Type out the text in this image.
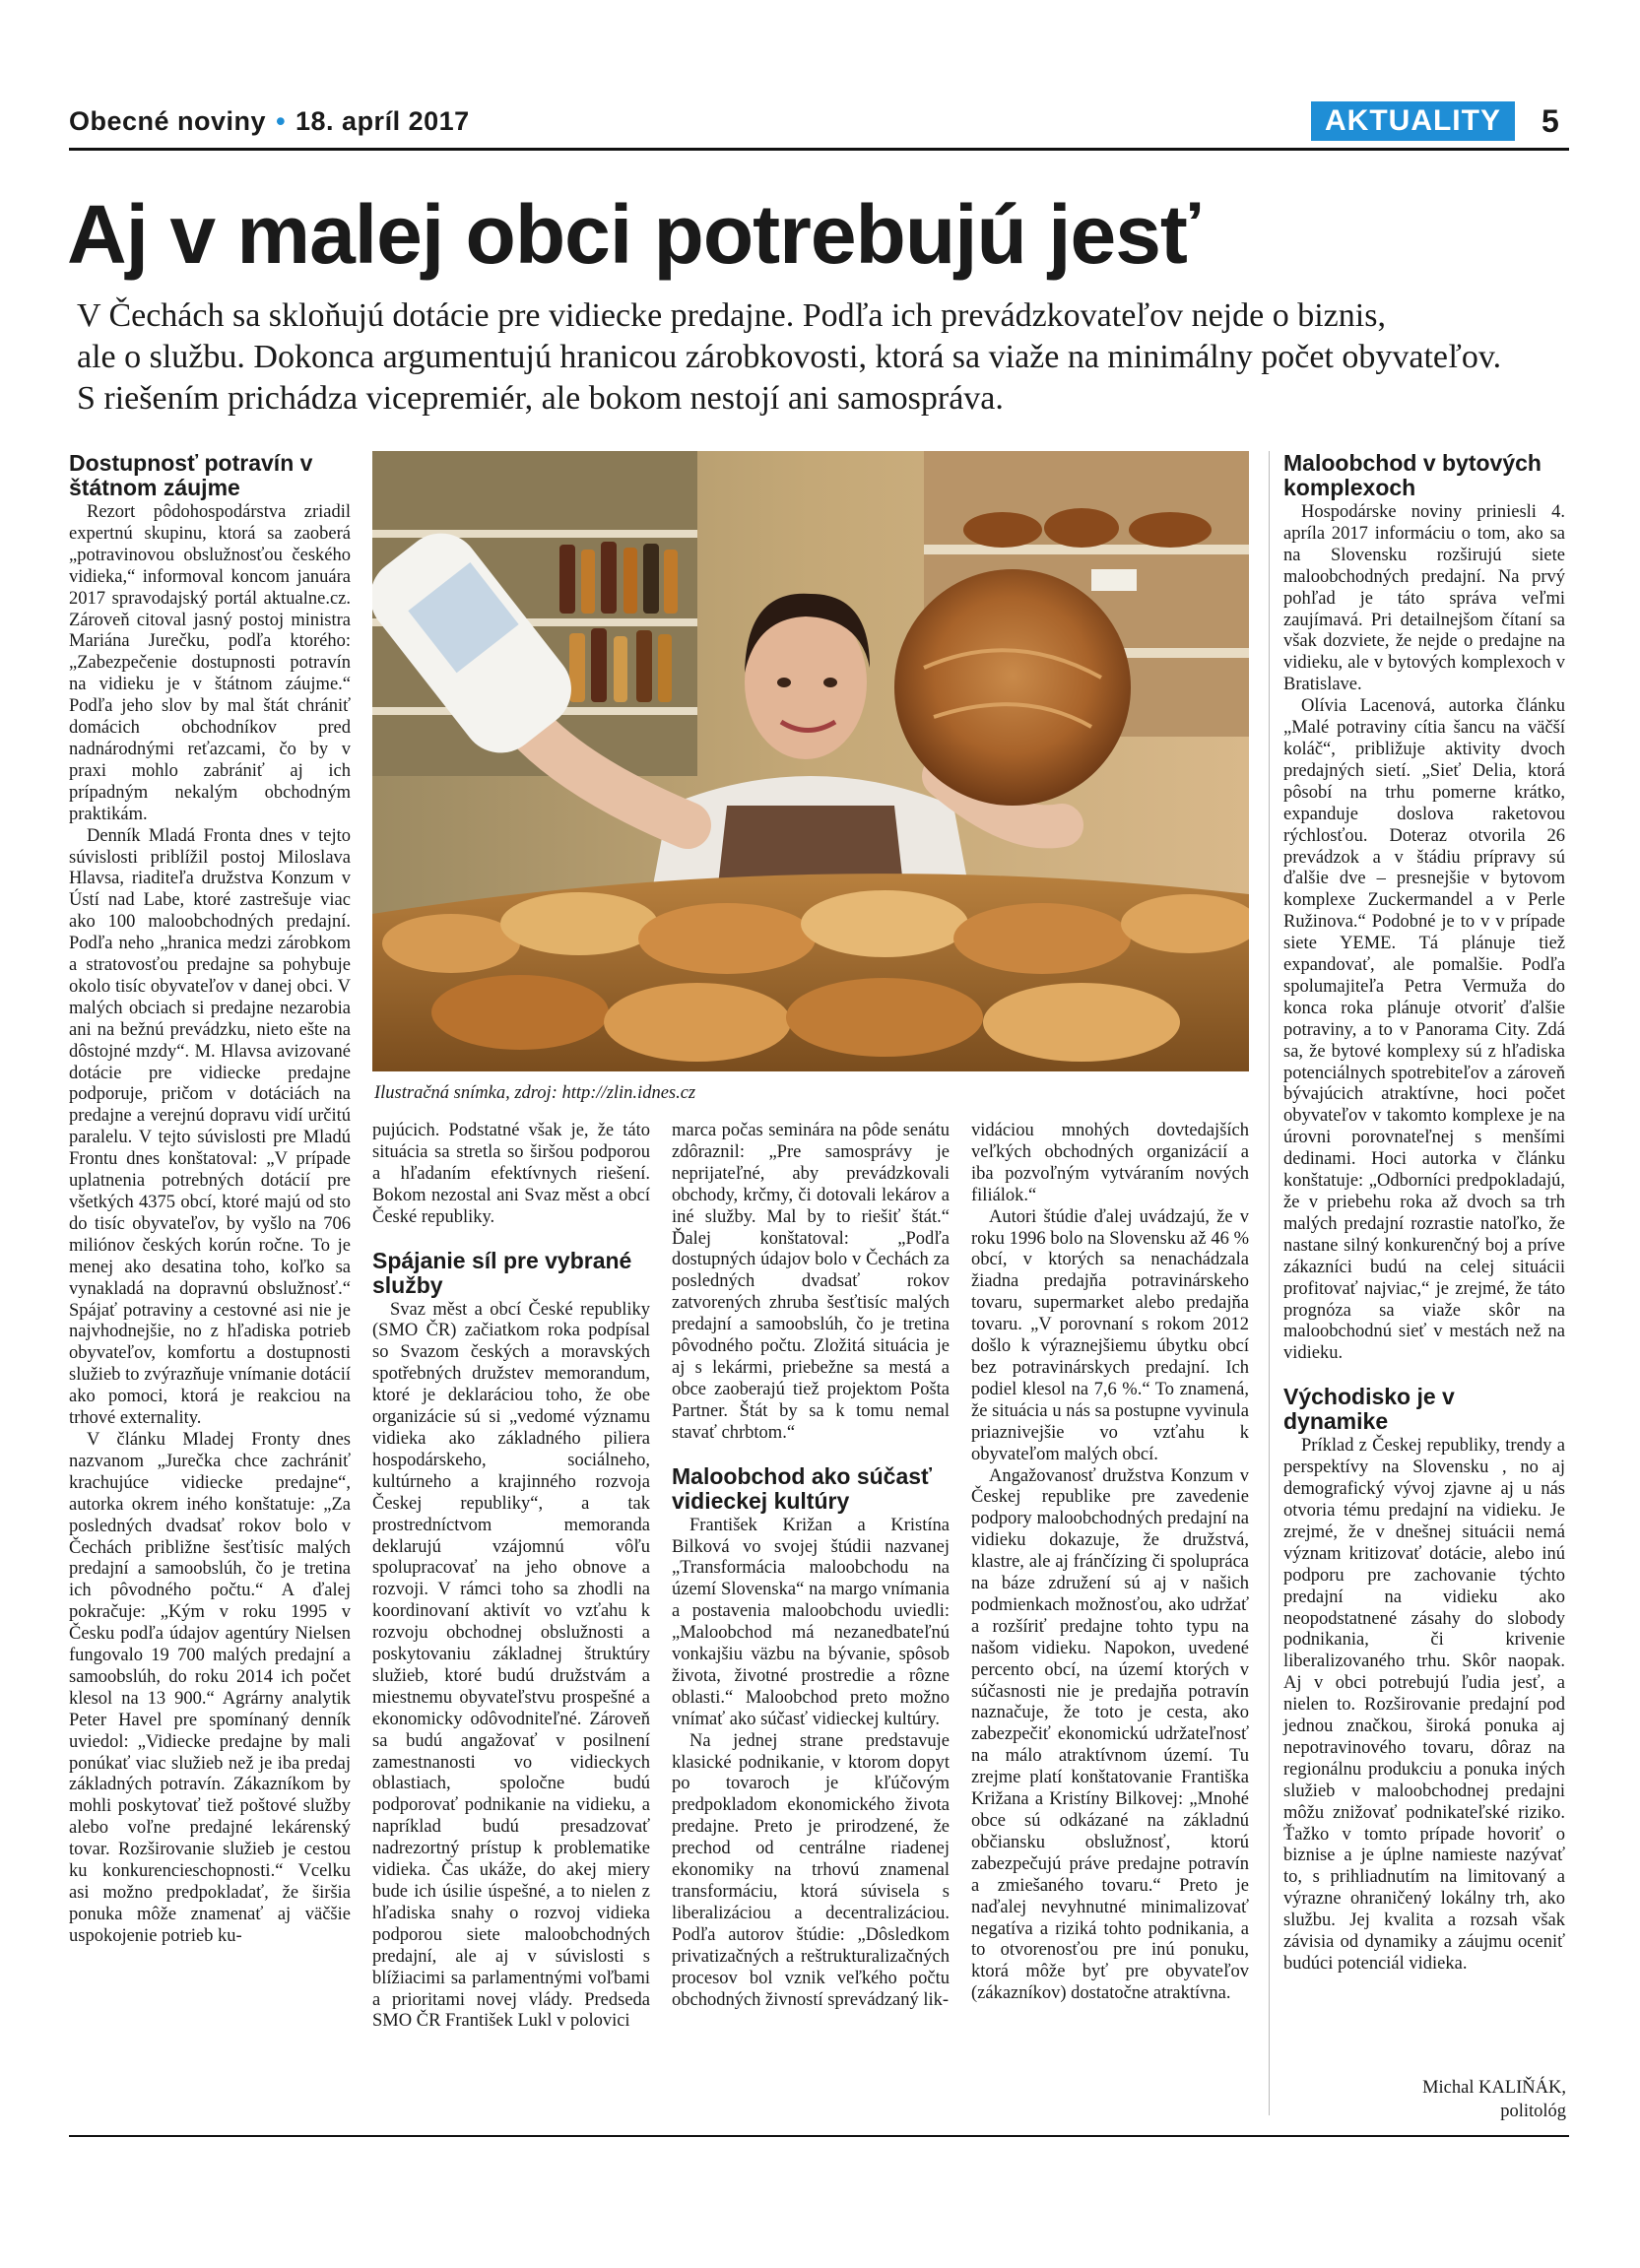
Obecné noviny • 18. apríl 2017	AKTUALITY	5
Aj v malej obci potrebujú jesť
V Čechách sa skloňujú dotácie pre vidiecke predajne. Podľa ich prevádzkovateľov nejde o biznis,
ale o službu. Dokonca argumentujú hranicou zárobkovosti, ktorá sa viaže na minimálny počet obyvateľov.
S riešením prichádza vicepremiér, ale bokom nestojí ani samospráva.
Dostupnosť potravín v štátnom záujme

Rezort pôdohospodárstva zriadil expertnú skupinu, ktorá sa zaoberá „potravinovou obslužnosťou českého vidieka,“ informoval koncom januára 2017 spravodajský portál aktualne.cz. Zároveň citoval jasný postoj ministra Mariána Jurečku, podľa ktorého: „Zabezpečenie dostupnosti potravín na vidieku je v štátnom záujme.“ Podľa jeho slov by mal štát chrániť domácich obchodníkov pred nadnárodnými reťazcami, čo by v praxi mohlo zabrániť aj ich prípadným nekalým obchodným praktikám.

Denník Mladá Fronta dnes v tejto súvislosti priblížil postoj Miloslava Hlavsa, riaditeľa družstva Konzum v Ústí nad Labe, ktoré zastrešuje viac ako 100 maloobchodných predajní. Podľa neho „hranica medzi zárobkom a stratovosťou predajne sa pohybuje okolo tisíc obyvateľov v danej obci. V malých obciach si predajne nezarobia ani na bežnú prevádzku, nieto ešte na dôstojné mzdy“. M. Hlavsa avizované dotácie pre vidiecke predajne podporuje, pričom v dotáciách na predajne a verejnú dopravu vidí určitú paralelu. V tejto súvislosti pre Mladú Frontu dnes konštatoval: „V prípade uplatnenia potrebných dotácií pre všetkých 4375 obcí, ktoré majú od sto do tisíc obyvateľov, by vyšlo na 706 miliónov českých korún ročne. To je menej ako desatina toho, koľko sa vynakladá na dopravnú obslužnosť.“ Spájať potraviny a cestovné asi nie je najvhodnejšie, no z hľadiska potrieb obyvateľov, komfortu a dostupnosti služieb to zvýrazňuje vnímanie dotácií ako pomoci, ktorá je reakciou na trhové externality.

V článku Mladej Fronty dnes nazvanom „Jurečka chce zachrániť krachujúce vidiecke predajne“, autorka okrem iného konštatuje: „Za posledných dvadsať rokov bolo v Čechách približne šesťtisíc malých predajní a samoobslúh, čo je tretina ich pôvodného počtu.“ A ďalej pokračuje: „Kým v roku 1995 v Česku podľa údajov agentúry Nielsen fungovalo 19 700 malých predajní a samoobslúh, do roku 2014 ich počet klesol na 13 900.“ Agrárny analytik Peter Havel pre spomínaný denník uviedol: „Vidiecke predajne by mali ponúkať viac služieb než je iba predaj základných potravín. Zákazníkom by mohli poskytovať tiež poštové služby alebo voľne predajné lekárenský tovar. Rozširovanie služieb je cestou ku konkurencieschopnosti.“ Vcelku asi možno predpokladať, že širšia ponuka môže znamenať aj väčšie uspokojenie potrieb ku-

Ilustračná snímka, zdroj: http://zlin.idnes.cz

pujúcich. Podstatné však je, že táto situácia sa stretla so širšou podporou a hľadaním efektívnych riešení. Bokom nezostal ani Svaz měst a obcí České republiky.

Spájanie síl pre vybrané služby

Svaz měst a obcí České republiky (SMO ČR) začiatkom roka podpísal so Svazom českých a moravských spotřebných družstev memorandum, ktoré je deklaráciou toho, že obe organizácie sú si „vedomé významu vidieka ako základného piliera hospodárskeho, sociálneho, kultúrneho a krajinného rozvoja Českej republiky“, a tak prostredníctvom memoranda deklarujú vzájomnú vôľu spolupracovať na jeho obnove a rozvoji. V rámci toho sa zhodli na koordinovaní aktivít vo vzťahu k rozvoju obchodnej obslužnosti a poskytovaniu základnej štruktúry služieb, ktoré budú družstvám a miestnemu obyvateľstvu prospešné a ekonomicky odôvodniteľné. Zároveň sa budú angažovať v posilnení zamestnanosti vo vidieckych oblastiach, spoločne budú podporovať podnikanie na vidieku, a napríklad budú presadzovať nadrezortný prístup k problematike vidieka. Čas ukáže, do akej miery bude ich úsilie úspešné, a to nielen z hľadiska snahy o rozvoj vidieka podporou siete maloobchodných predajní, ale aj v súvislosti s blížiacimi sa parlamentnými voľbami a prioritami novej vlády. Predseda SMO ČR František Lukl v polovici

marca počas seminára na pôde senátu zdôraznil: „Pre samosprávy je neprijateľné, aby prevádzkovali obchody, krčmy, či dotovali lekárov a iné služby. Mal by to riešiť štát.“ Ďalej konštatoval: „Podľa dostupných údajov bolo v Čechách za posledných dvadsať rokov zatvorených zhruba šesťtisíc malých predajní a samoobslúh, čo je tretina pôvodného počtu. Zložitá situácia je aj s lekármi, priebežne sa mestá a obce zaoberajú tiež projektom Pošta Partner. Štát by sa k tomu nemal stavať chrbtom.“

Maloobchod ako súčasť vidieckej kultúry

František Križan a Kristína Bilková vo svojej štúdii nazvanej „Transformácia maloobchodu na území Slovenska“ na margo vnímania a postavenia maloobchodu uviedli: „Maloobchod má nezanedbateľnú vonkajšiu väzbu na bývanie, spôsob života, životné prostredie a rôzne oblasti.“ Maloobchod preto možno vnímať ako súčasť vidieckej kultúry.

Na jednej strane predstavuje klasické podnikanie, v ktorom dopyt po tovaroch je kľúčovým predpokladom ekonomického života predajne. Preto je prirodzené, že prechod od centrálne riadenej ekonomiky na trhovú znamenal transformáciu, ktorá súvisela s liberalizáciou a decentralizáciou. Podľa autorov štúdie: „Dôsledkom privatizačných a reštrukturalizačných procesov bol vznik veľkého počtu obchodných živností sprevádzaný lik-

vidáciou mnohých dovtedajších veľkých obchodných organizácií a iba pozvoľným vytváraním nových filiálok.“

Autori štúdie ďalej uvádzajú, že v roku 1996 bolo na Slovensku až 46 % obcí, v ktorých sa nenachádzala žiadna predajňa potravinárskeho tovaru, supermarket alebo predajňa tovaru. „V porovnaní s rokom 2012 došlo k výraznejšiemu úbytku obcí bez potravinárskych predajní. Ich podiel klesol na 7,6 %.“ To znamená, že situácia u nás sa postupne vyvinula priaznivejšie vo vzťahu k obyvateľom malých obcí.

Angažovanosť družstva Konzum v Českej republike pre zavedenie podpory maloobchodných predajní na vidieku dokazuje, že družstvá, klastre, ale aj fránčízing či spolupráca na báze združení sú aj v našich podmienkach možnosťou, ako udržať a rozšíriť predajne tohto typu na našom vidieku. Napokon, uvedené percento obcí, na území ktorých v súčasnosti nie je predajňa potravín naznačuje, že toto je cesta, ako zabezpečiť ekonomickú udržateľnosť na málo atraktívnom území. Tu zrejme platí konštatovanie Františka Križana a Kristíny Bilkovej: „Mnohé obce sú odkázané na základnú občiansku obslužnosť, ktorú zabezpečujú práve predajne potravín a zmiešaného tovaru.“ Preto je naďalej nevyhnutné minimalizovať negatíva a riziká tohto podnikania, a to otvorenosťou pre inú ponuku, ktorá môže byť pre obyvateľov (zákazníkov) dostatočne atraktívna.

Maloobchod v bytových komplexoch

Hospodárske noviny priniesli 4. apríla 2017 informáciu o tom, ako sa na Slovensku rozširujú siete maloobchodných predajní. Na prvý pohľad je táto správa veľmi zaujímavá. Pri detailnejšom čítaní sa však dozviete, že nejde o predajne na vidieku, ale v bytových komplexoch v Bratislave.

Olívia Lacenová, autorka článku „Malé potraviny cítia šancu na väčší koláč“, približuje aktivity dvoch predajných sietí. „Sieť Delia, ktorá pôsobí na trhu pomerne krátko, expanduje doslova raketovou rýchlosťou. Doteraz otvorila 26 prevádzok a v štádiu prípravy sú ďalšie dve – presnejšie v bytovom komplexe Zuckermandel a v Perle Ružinova.“ Podobné je to v v prípade siete YEME. Tá plánuje tiež expandovať, ale pomalšie. Podľa spolumajiteľa Petra Vermuža do konca roka plánuje otvoriť ďalšie potraviny, a to v Panorama City. Zdá sa, že bytové komplexy sú z hľadiska potenciálnych spotrebiteľov a zároveň bývajúcich atraktívne, hoci počet obyvateľov v takomto komplexe je na úrovni porovnateľnej s menšími dedinami. Hoci autorka v článku konštatuje: „Odborníci predpokladajú, že v priebehu roka až dvoch sa trh malých predajní rozrastie natoľko, že nastane silný konkurenčný boj a príve zákazníci budú na celej situácii profitovať najviac,“ je zrejmé, že táto prognóza sa viaže skôr na maloobchodnú sieť v mestách než na vidieku.

Východisko je v dynamike

Príklad z Českej republiky, trendy a perspektívy na Slovensku , no aj demografický vývoj zjavne aj u nás otvoria tému predajní na vidieku. Je zrejmé, že v dnešnej situácii nemá význam kritizovať dotácie, alebo inú podporu pre zachovanie týchto predajní na vidieku ako neopodstatnené zásahy do slobody podnikania, či krivenie liberalizovaného trhu. Skôr naopak. Aj v obci potrebujú ľudia jesť, a nielen to. Rozširovanie predajní pod jednou značkou, široká ponuka aj nepotravinového tovaru, dôraz na regionálnu produkciu a ponuka iných služieb v maloobchodnej predajni môžu znižovať podnikateľské riziko. Ťažko v tomto prípade hovoriť o biznise a je úplne namieste nazývať to, s prihliadnutím na limitovaný a výrazne ohraničený lokálny trh, ako službu. Jej kvalita a rozsah však závisia od dynamiky a záujmu oceniť budúci potenciál vidieka.

Michal KALIŇÁK,
politológ
